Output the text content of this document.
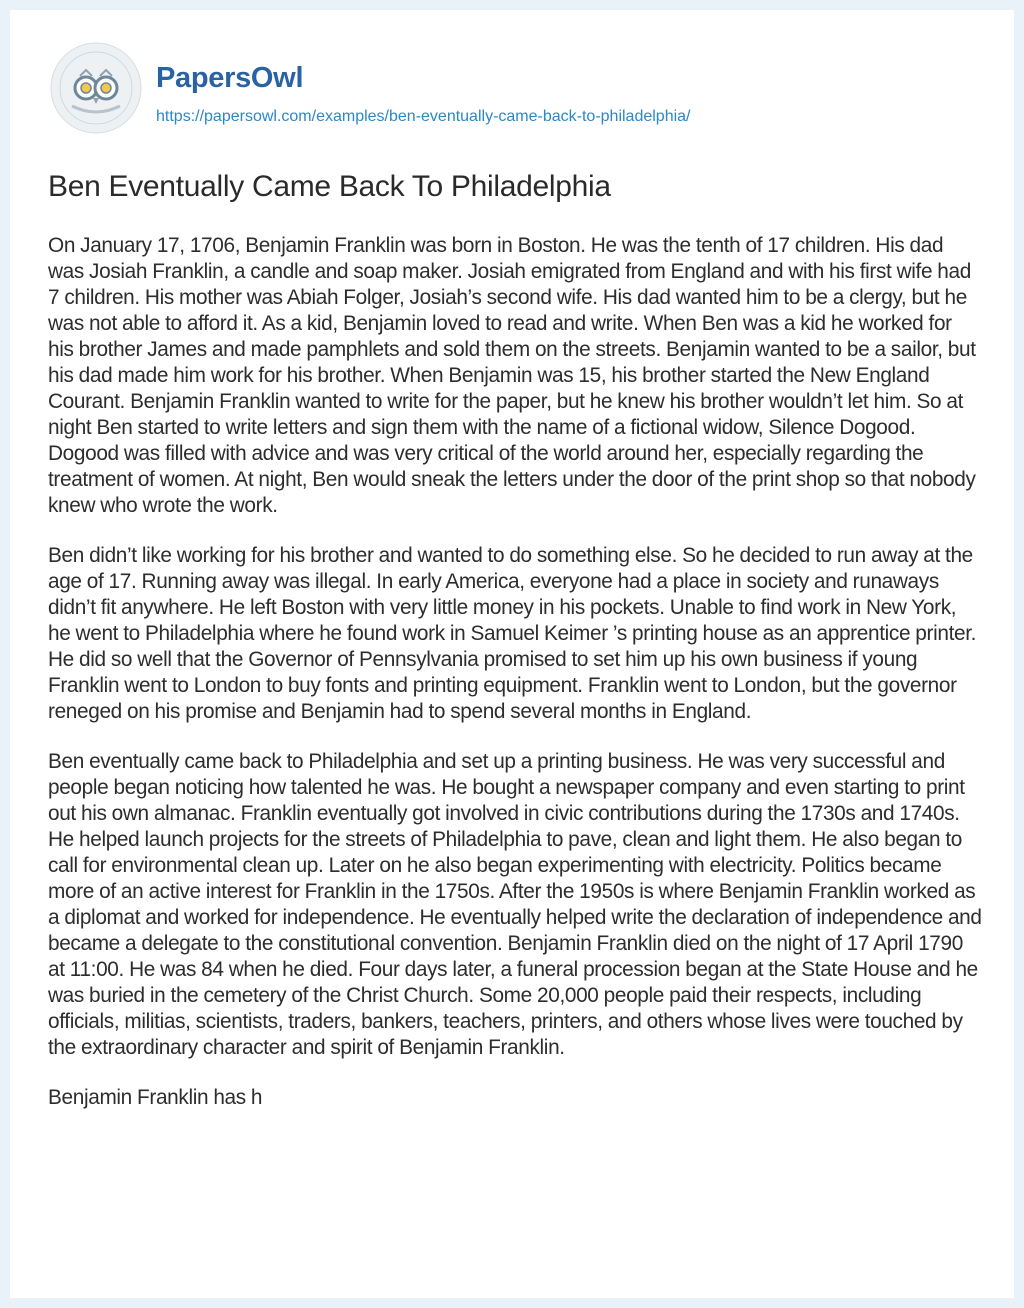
PapersOwl
https://papersowl.com/examples/ben-eventually-came-back-to-philadelphia/
Ben Eventually Came Back To Philadelphia

On January 17, 1706, Benjamin Franklin was born in Boston. He was the tenth of 17 children. His dad was Josiah Franklin, a candle and soap maker. Josiah emigrated from England and with his first wife had 7 children. His mother was Abiah Folger, Josiah’s second wife. His dad wanted him to be a clergy, but he was not able to afford it. As a kid, Benjamin loved to read and write. When Ben was a kid he worked for his brother James and made pamphlets and sold them on the streets. Benjamin wanted to be a sailor, but his dad made him work for his brother. When Benjamin was 15, his brother started the New England Courant. Benjamin Franklin wanted to write for the paper, but he knew his brother wouldn’t let him. So at night Ben started to write letters and sign them with the name of a fictional widow, Silence Dogood. Dogood was filled with advice and was very critical of the world around her, especially regarding the treatment of women. At night, Ben would sneak the letters under the door of the print shop so that nobody knew who wrote the work.

Ben didn’t like working for his brother and wanted to do something else. So he decided to run away at the age of 17. Running away was illegal. In early America, everyone had a place in society and runaways didn’t fit anywhere. He left Boston with very little money in his pockets. Unable to find work in New York, he went to Philadelphia where he found work in Samuel Keimer ’s printing house as an apprentice printer. He did so well that the Governor of Pennsylvania promised to set him up his own business if young Franklin went to London to buy fonts and printing equipment. Franklin went to London, but the governor reneged on his promise and Benjamin had to spend several months in England.

Ben eventually came back to Philadelphia and set up a printing business. He was very successful and people began noticing how talented he was. He bought a newspaper company and even starting to print out his own almanac. Franklin eventually got involved in civic contributions during the 1730s and 1740s. He helped launch projects for the streets of Philadelphia to pave, clean and light them. He also began to call for environmental clean up. Later on he also began experimenting with electricity. Politics became more of an active interest for Franklin in the 1750s. After the 1950s is where Benjamin Franklin worked as a diplomat and worked for independence. He eventually helped write the declaration of independence and became a delegate to the constitutional convention. Benjamin Franklin died on the night of 17 April 1790 at 11:00. He was 84 when he died. Four days later, a funeral procession began at the State House and he was buried in the cemetery of the Christ Church. Some 20,000 people paid their respects, including officials, militias, scientists, traders, bankers, teachers, printers, and others whose lives were touched by the extraordinary character and spirit of Benjamin Franklin.

Benjamin Franklin has h
